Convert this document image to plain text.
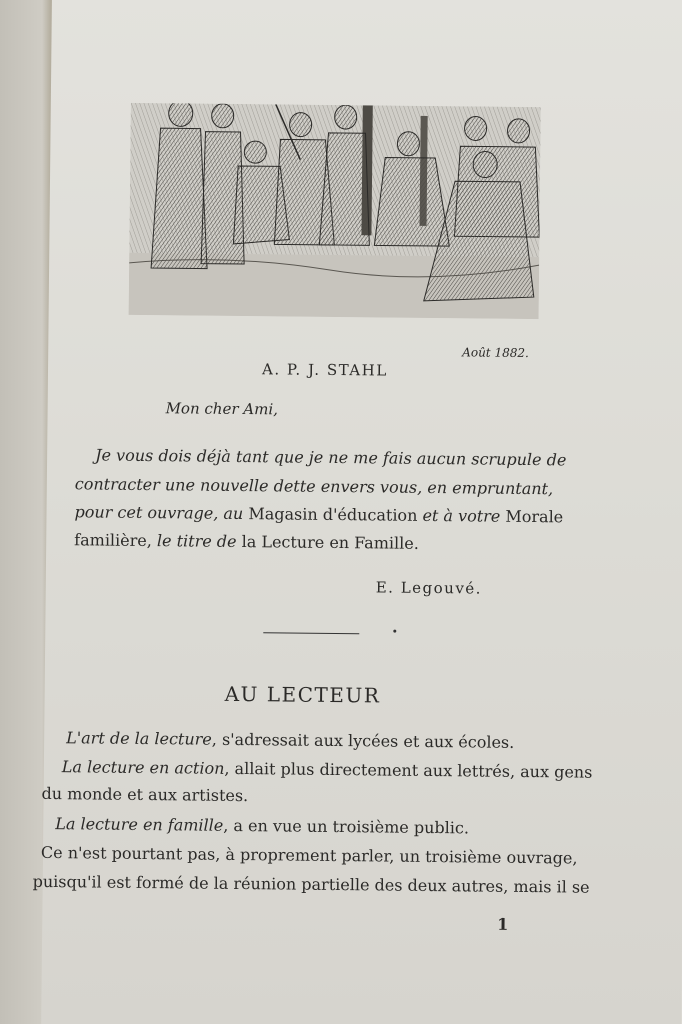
Août 1882.
A. P. J. STAHL
Mon cher Ami,
Je vous dois déjà tant que je ne me fais aucun scrupule de
contracter une nouvelle dette envers vous, en empruntant,
pour cet ouvrage, au Magasin d'éducation et à votre Morale
familière, le titre de la Lecture en Famille.
E. Legouvé.
AU LECTEUR
L'art de la lecture, s'adressait aux lycées et aux écoles.
La lecture en action, allait plus directement aux lettrés, aux gens
du monde et aux artistes.
La lecture en famille, a en vue un troisième public.
Ce n'est pourtant pas, à proprement parler, un troisième ouvrage,
puisqu'il est formé de la réunion partielle des deux autres, mais il se
1
